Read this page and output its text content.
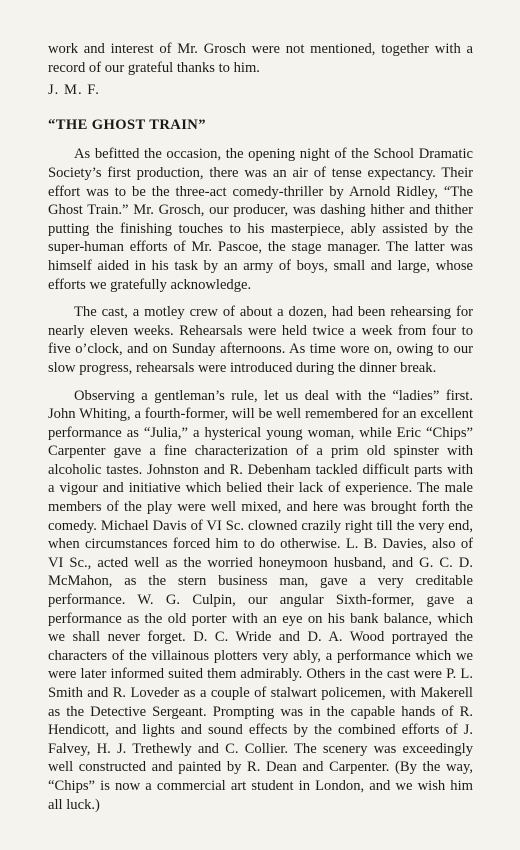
work and interest of Mr. Grosch were not mentioned, together with a record of our grateful thanks to him.

J. M. F.

“THE GHOST TRAIN”

As befitted the occasion, the opening night of the School Dramatic Society’s first production, there was an air of tense expectancy. Their effort was to be the three-act comedy-thriller by Arnold Ridley, “The Ghost Train.” Mr. Grosch, our producer, was dashing hither and thither putting the finishing touches to his masterpiece, ably assisted by the super-human efforts of Mr. Pascoe, the stage manager. The latter was himself aided in his task by an army of boys, small and large, whose efforts we gratefully acknowledge.

The cast, a motley crew of about a dozen, had been rehearsing for nearly eleven weeks. Rehearsals were held twice a week from four to five o’clock, and on Sunday afternoons. As time wore on, owing to our slow progress, rehearsals were introduced during the dinner break.

Observing a gentleman’s rule, let us deal with the “ladies” first. John Whiting, a fourth-former, will be well remembered for an excellent performance as “Julia,” a hysterical young woman, while Eric “Chips” Carpenter gave a fine characterization of a prim old spinster with alcoholic tastes. Johnston and R. Debenham tackled difficult parts with a vigour and initiative which belied their lack of experience. The male members of the play were well mixed, and here was brought forth the comedy. Michael Davis of VI Sc. clowned crazily right till the very end, when circumstances forced him to do otherwise. L. B. Davies, also of VI Sc., acted well as the worried honeymoon husband, and G. C. D. McMahon, as the stern business man, gave a very creditable performance. W. G. Culpin, our angular Sixth-former, gave a performance as the old porter with an eye on his bank balance, which we shall never forget. D. C. Wride and D. A. Wood portrayed the characters of the villainous plotters very ably, a performance which we were later informed suited them admirably. Others in the cast were P. L. Smith and R. Loveder as a couple of stalwart policemen, with Makerell as the Detective Sergeant. Prompting was in the capable hands of R. Hendicott, and lights and sound effects by the combined efforts of J. Falvey, H. J. Trethewly and C. Collier. The scenery was exceedingly well constructed and painted by R. Dean and Carpenter. (By the way, “Chips” is now a commercial art student in London, and we wish him all luck.)
